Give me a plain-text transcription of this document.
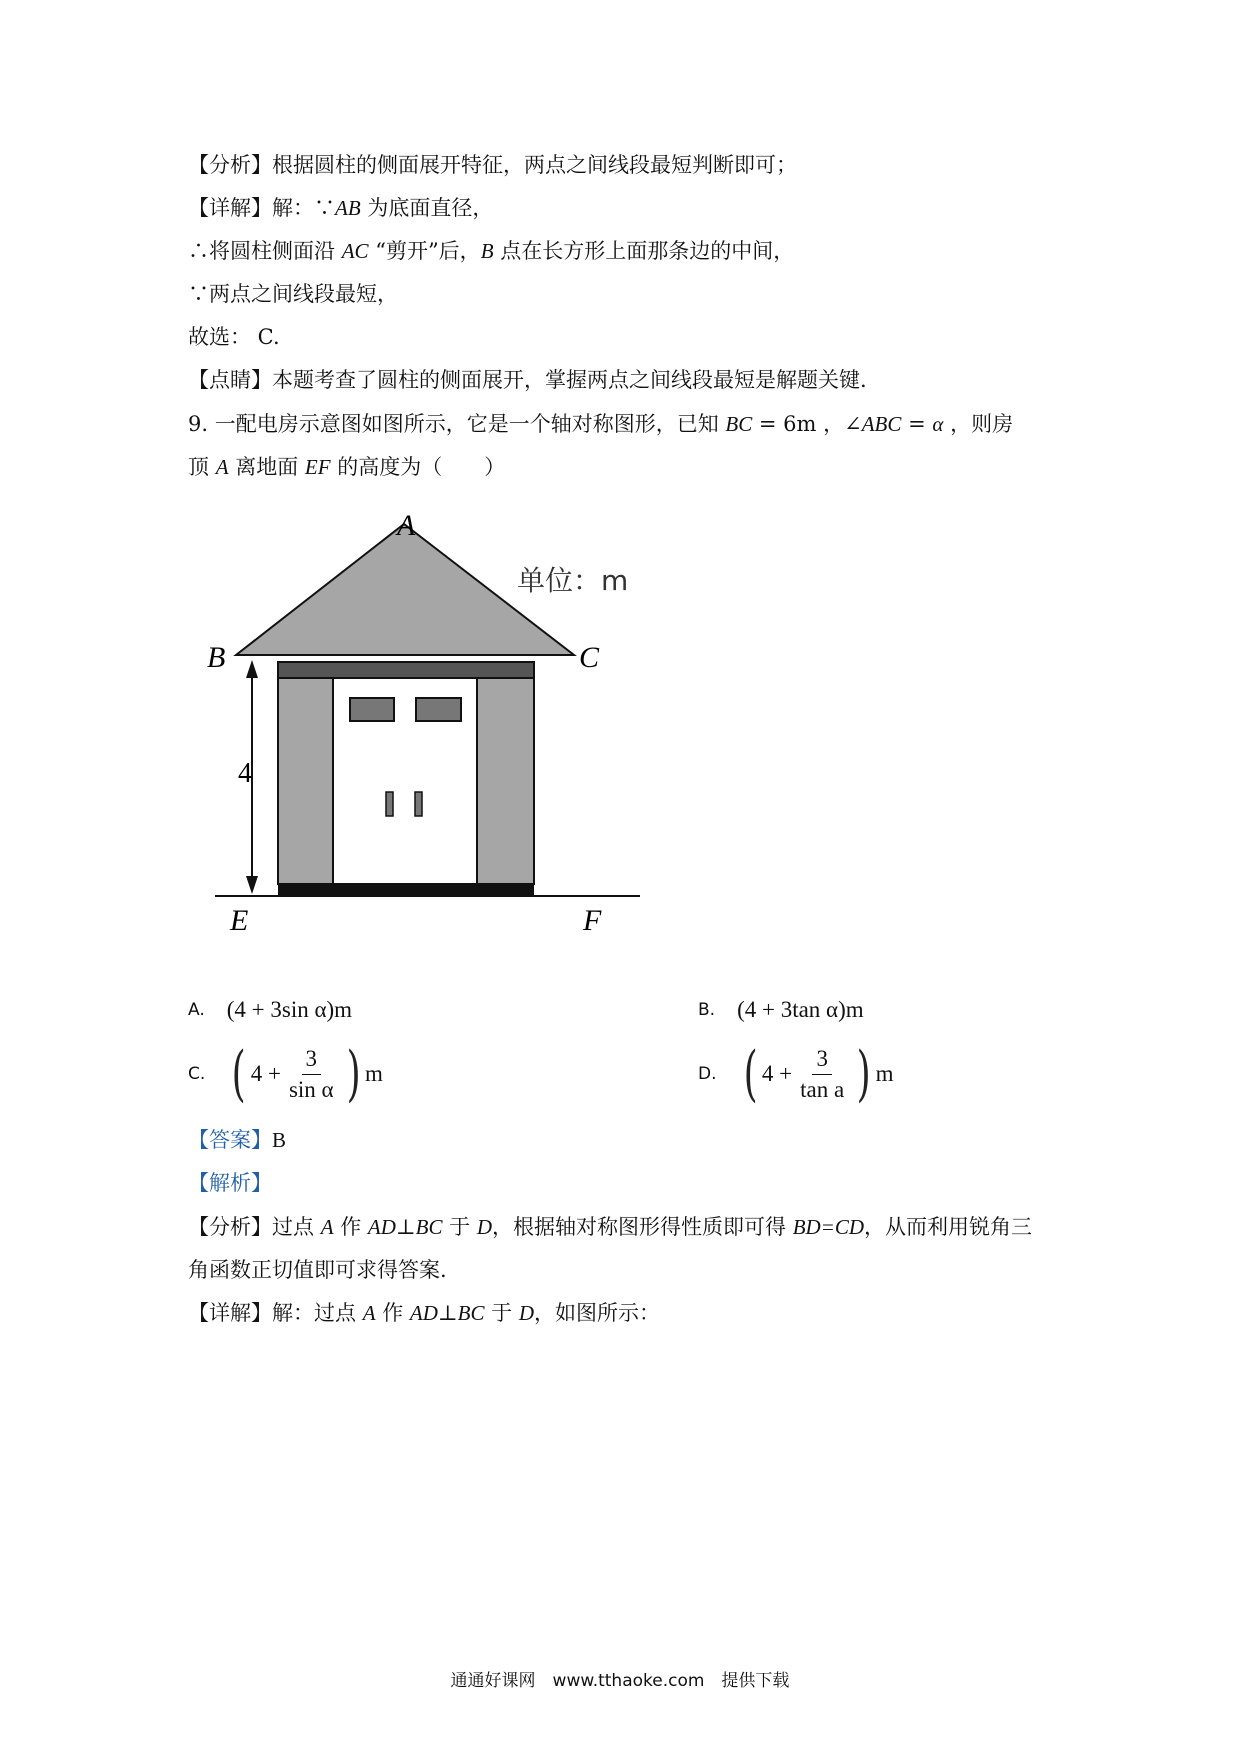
【分析】根据圆柱的侧面展开特征，两点之间线段最短判断即可；
【详解】解：∵AB 为底面直径，
∴将圆柱侧面沿 AC “剪开”后，B 点在长方形上面那条边的中间，
∵两点之间线段最短，
故选： C.
【点睛】本题考查了圆柱的侧面展开，掌握两点之间线段最短是解题关键.
9. 一配电房示意图如图所示，它是一个轴对称图形，已知 BC = 6m ，∠ABC = α ，则房
顶 A 离地面 EF 的高度为（　　）
A
B	C
E	F
4
单位：m
A. (4 + 3sin α)m	B. (4 + 3tan α)m
C. ( $4 + \frac{3}{\text{sin α}}$ ) m	D. ( $4 + \frac{3}{\text{tan a}}$ ) m
【答案】B
【解析】
【分析】过点 A 作 AD⊥BC 于 D，根据轴对称图形得性质即可得 BD=CD，从而利用锐角三
角函数正切值即可求得答案.
【详解】解：过点 A 作 AD⊥BC 于 D，如图所示：
通通好课网　www.tthaoke.com　提供下载
